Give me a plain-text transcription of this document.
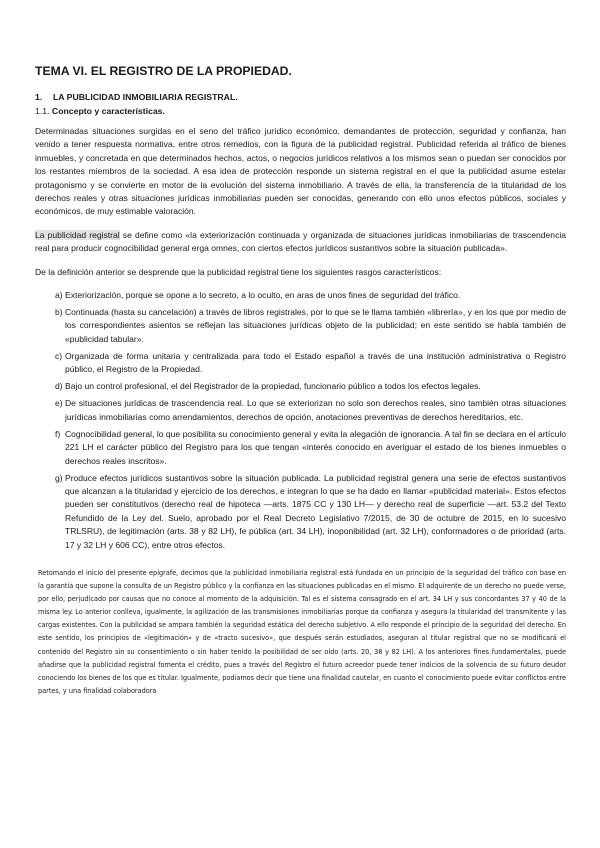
TEMA VI. EL REGISTRO DE LA PROPIEDAD.
1. LA PUBLICIDAD INMOBILIARIA REGISTRAL.
1.1. Concepto y características.

Determinadas situaciones surgidas en el seno del tráfico jurídico económico, demandantes de protección, seguridad y confianza, han venido a tener respuesta normativa, entre otros remedios, con la figura de la publicidad registral. Publicidad referida al tráfico de bienes inmuebles, y concretada en que determinados hechos, actos, o negocios jurídicos relativos a los mismos sean o puedan ser conocidos por los restantes miembros de la sociedad. A esa idea de protección responde un sistema registral en el que la publicidad asume estelar protagonismo y se convierte en motor de la evolución del sistema inmobiliario. A través de ella, la transferencia de la titularidad de los derechos reales y otras situaciones jurídicas inmobiliarias pueden ser conocidas, generando con ello unos efectos públicos, sociales y económicos, de muy estimable valoración.

La publicidad registral se define como «la exteriorización continuada y organizada de situaciones jurídicas inmobiliarias de trascendencia real para producir cognocibilidad general erga omnes, con ciertos efectos jurídicos sustantivos sobre la situación publicada».

De la definición anterior se desprende que la publicidad registral tiene los siguientes rasgos característicos:

a) Exteriorización, porque se opone a lo secreto, a lo oculto, en aras de unos fines de seguridad del tráfico.
b) Continuada (hasta su cancelación) a través de libros registrales, por lo que se le llama también «librería», y en los que por medio de los correspondientes asientos se reflejan las situaciones jurídicas objeto de la publicidad; en este sentido se habla también de «publicidad tabular».
c) Organizada de forma unitaria y centralizada para todo el Estado español a través de una institución administrativa o Registro público, el Registro de la Propiedad.
d) Bajo un control profesional, el del Registrador de la propiedad, funcionario público a todos los efectos legales.
e) De situaciones jurídicas de trascendencia real. Lo que se exteriorizan no solo son derechos reales, sino también otras situaciones jurídicas inmobiliarias como arrendamientos, derechos de opción, anotaciones preventivas de derechos hereditarios, etc.
f) Cognocibilidad general, lo que posibilita su conocimiento general y evita la alegación de ignorancia. A tal fin se declara en el artículo 221 LH el carácter público del Registro para los que tengan «interés conocido en averiguar el estado de los bienes inmuebles o derechos reales inscritos».
g) Produce efectos jurídicos sustantivos sobre la situación publicada. La publicidad registral genera una serie de efectos sustantivos que alcanzan a la titularidad y ejercicio de los derechos, e integran lo que se ha dado en llamar «publicidad material». Estos efectos pueden ser constitutivos (derecho real de hipoteca —arts. 1875 CC y 130 LH— y derecho real de superficie —art. 53.2 del Texto Refundido de la Ley del. Suelo, aprobado por el Real Decreto Legislativo 7/2015, de 30 de octubre de 2015, en lo sucesivo TRLSRU), de legitimación (arts. 38 y 82 LH), fe pública (art. 34 LH), inoponibilidad (art. 32 LH), conformadores o de prioridad (arts. 17 y 32 LH y 606 CC), entre otros efectos.

Retomando el inicio del presente epígrafe, decimos que la publicidad inmobiliaria registral está fundada en un principio de la seguridad del tráfico con base en la garantía que supone la consulta de un Registro público y la confianza en las situaciones publicadas en el mismo. El adquirente de un derecho no puede verse, por ello, perjudicado por causas que no conoce al momento de la adquisición. Tal es el sistema consagrado en el art. 34 LH y sus concordantes 37 y 40 de la misma ley. Lo anterior conlleva, igualmente, la agilización de las transmisiones inmobiliarias porque da confianza y asegura la titularidad del transmitente y las cargas existentes. Con la publicidad se ampara también la seguridad estática del derecho subjetivo. A ello responde el principio de la seguridad del derecho. En este sentido, los principios de «legitimación» y de «tracto sucesivo», que después serán estudiados, aseguran al titular registral que no se modificará el contenido del Registro sin su consentimiento o sin haber tenido la posibilidad de ser oído (arts. 20, 38 y 82 LH). A los anteriores fines fundamentales, puede añadirse que la publicidad registral fomenta el crédito, pues a través del Registro el futuro acreedor puede tener indicios de la solvencia de su futuro deudor conociendo los bienes de los que es titular. Igualmente, podíamos decir que tiene una finalidad cautelar, en cuanto el conocimiento puede evitar conflictos entre partes, y una finalidad colaboradora
